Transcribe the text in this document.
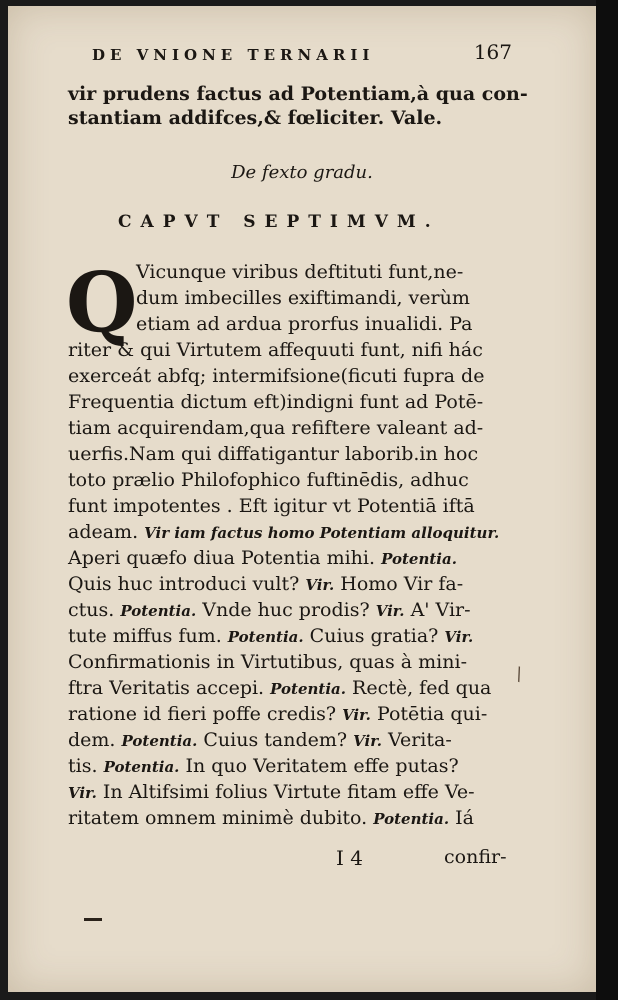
DE VNIONE TERNARII	167
vir prudens factus ad Potentiam,à qua con-
stantiam addifces,& fœliciter. Vale.
De fexto gradu.
CAPVT SEPTIMVM.
Q
Vicunque viribus deftituti funt,ne-
dum imbecilles exiftimandi, verùm
etiam ad ardua prorfus inualidi. Pa
riter & qui Virtutem affequuti funt, nifi hác
exerceát abfq; intermifsione(ficuti fupra de
Frequentia dictum eft)indigni funt ad Potē-
tiam acquirendam,qua refiftere valeant ad-
uerfis.Nam qui diffatigantur laborib.in hoc
toto prælio Philofophico fuftinēdis, adhuc
funt impotentes . Eft igitur vt Potentiā iftā
adeam. Vir iam factus homo Potentiam alloquitur.
Aperi quæfo diua Potentia mihi. Potentia.
Quis huc introduci vult? Vir. Homo Vir fa-
ctus. Potentia. Vnde huc prodis? Vir. A' Vir-
tute miffus fum. Potentia. Cuius gratia? Vir.
Confirmationis in Virtutibus, quas à mini-
ftra Veritatis accepi. Potentia. Rectè, fed qua
ratione id fieri poffe credis? Vir. Potētia qui-
dem. Potentia. Cuius tandem? Vir. Verita-
tis. Potentia. In quo Veritatem effe putas?
Vir. In Altifsimi folius Virtute fitam effe Ve-
ritatem omnem minimè dubito. Potentia. Iá
I 4	confir-
\
